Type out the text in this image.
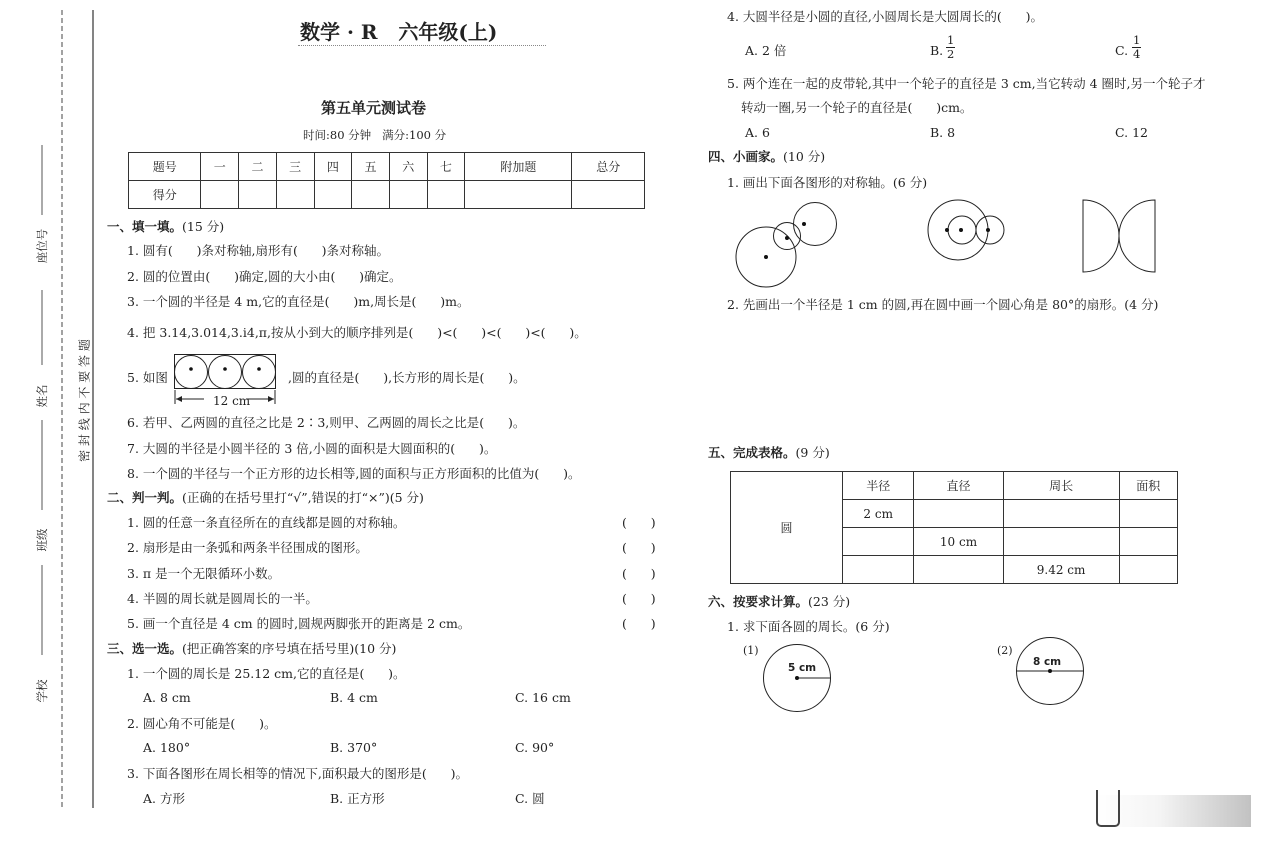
座位号
姓名
班级
学校
密 封 线 内 不 要 答 题
数学 · R   六年级(上)
第五单元测试卷
时间:80 分钟   满分:100 分
题号	一	二	三	四	五	六	七	附加题	总分
得分									
一、填一填。(15 分)
1. 圆有(      )条对称轴,扇形有(      )条对称轴。
2. 圆的位置由(      )确定,圆的大小由(      )确定。
3. 一个圆的半径是 4 m,它的直径是(      )m,周长是(      )m。
4. 把 3.14,3.014,3.i4̇,π,按从小到大的顺序排列是(      )<(      )<(      )<(      )。
5. 如图
12 cm
,圆的直径是(      ),长方形的周长是(      )。
6. 若甲、乙两圆的直径之比是 2∶3,则甲、乙两圆的周长之比是(      )。
7. 大圆的半径是小圆半径的 3 倍,小圆的面积是大圆面积的(      )。
8. 一个圆的半径与一个正方形的边长相等,圆的面积与正方形面积的比值为(      )。
二、判一判。(正确的在括号里打“√”,错误的打“×”)(5 分)
1. 圆的任意一条直径所在的直线都是圆的对称轴。
2. 扇形是由一条弧和两条半径围成的图形。
3. π 是一个无限循环小数。
4. 半圆的周长就是圆周长的一半。
5. 画一个直径是 4 cm 的圆时,圆规两脚张开的距离是 2 cm。
(      )
(      )
(      )
(      )
(      )
三、选一选。(把正确答案的序号填在括号里)(10 分)
1. 一个圆的周长是 25.12 cm,它的直径是(      )。
A. 8 cm	B. 4 cm	C. 16 cm
2. 圆心角不可能是(      )。
A. 180°	B. 370°	C. 90°
3. 下面各图形在周长相等的情况下,面积最大的图形是(      )。
A. 方形	B. 正方形	C. 圆
4. 大圆半径是小圆的直径,小圆周长是大圆周长的(      )。
A. 2 倍	B.
$\frac{1}{2}$	C. $\frac{1}{4}$
5. 两个连在一起的皮带轮,其中一个轮子的直径是 3 cm,当它转动 4 圈时,另一个轮子才
转动一圈,另一个轮子的直径是(      )cm。
A. 6	B. 8	C. 12
四、小画家。(10 分)
1. 画出下面各图形的对称轴。(6 分)
2. 先画出一个半径是 1 cm 的圆,再在圆中画一个圆心角是 80°的扇形。(4 分)
五、完成表格。(9 分)
圆	半径	直径	周长	面积
	2 cm			
		10 cm		
			9.42 cm	
六、按要求计算。(23 分)
1. 求下面各圆的周长。(6 分)
(1)
5 cm
(2)
8 cm
